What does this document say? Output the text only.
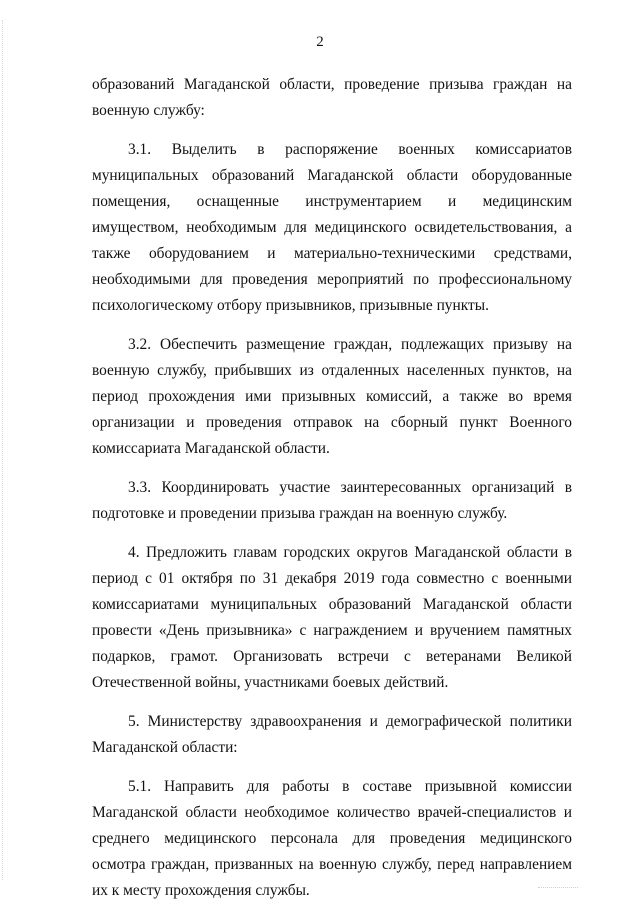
2

образований Магаданской области, проведение призыва граждан на военную службу:

3.1. Выделить в распоряжение военных комиссариатов муниципальных образований Магаданской области оборудованные помещения, оснащенные инструментарием и медицинским имуществом, необходимым для медицинского освидетельствования, а также оборудованием и материально-техническими средствами, необходимыми для проведения мероприятий по профессиональному психологическому отбору призывников, призывные пункты.

3.2. Обеспечить размещение граждан, подлежащих призыву на военную службу, прибывших из отдаленных населенных пунктов, на период прохождения ими призывных комиссий, а также во время организации и проведения отправок на сборный пункт Военного комиссариата Магаданской области.

3.3. Координировать участие заинтересованных организаций в подготовке и проведении призыва граждан на военную службу.

4. Предложить главам городских округов Магаданской области в период с 01 октября по 31 декабря 2019 года совместно с военными комиссариатами муниципальных образований Магаданской области провести «День призывника» с награждением и вручением памятных подарков, грамот. Организовать встречи с ветеранами Великой Отечественной войны, участниками боевых действий.

5. Министерству здравоохранения и демографической политики Магаданской области:

5.1. Направить для работы в составе призывной комиссии Магаданской области необходимое количество врачей-специалистов и среднего медицинского персонала для проведения медицинского осмотра граждан, призванных на военную службу, перед направлением их к месту прохождения службы.
